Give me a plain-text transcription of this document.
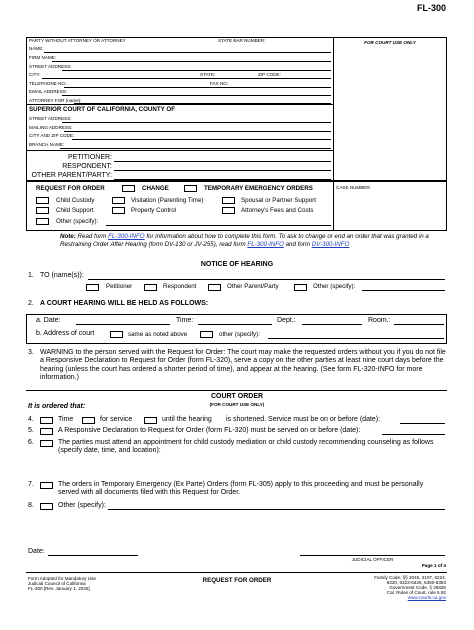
FL-300
PARTY WITHOUT ATTORNEY OR ATTORNEY	STATE BAR NUMBER:	FOR COURT USE ONLY
NAME:
FIRM NAME:
STREET ADDRESS:
CITY:	STATE:	ZIP CODE:
TELEPHONE NO.:	FAX NO.:
EMAIL ADDRESS:
ATTORNEY FOR (name):
SUPERIOR COURT OF CALIFORNIA, COUNTY OF
STREET ADDRESS:
MAILING ADDRESS:
CITY AND ZIP CODE:
BRANCH NAME:
PETITIONER:
RESPONDENT:
OTHER PARENT/PARTY:
REQUEST FOR ORDER	CHANGE	TEMPORARY EMERGENCY ORDERS	CASE NUMBER:
Child Custody	Visitation (Parenting Time)	Spousal or Partner Support
Child Support	Property Control	Attorney's Fees and Costs
Other (specify):
Note: Read form FL-300-INFO for information about how to complete this form. To ask to change or end an order that was granted in a Restraining Order After Hearing (form DV-130 or JV-255), read form FL-300-INFO and form DV-300-INFO
NOTICE OF HEARING
1. TO (name(s)):
Petitioner	Respondent	Other Parent/Party	Other (specify):
2. A COURT HEARING WILL BE HELD AS FOLLOWS:
a. Date:	Time:	Dept.:	Room.:
b. Address of court	same as noted above	other (specify):
3. WARNING to the person served with the Request for Order: The court may make the requested orders without you if you do not file a Responsive Declaration to Request for Order (form FL-320), serve a copy on the other parties at least nine court days before the hearing (unless the court has ordered a shorter period of time), and appear at the hearing. (See form FL-320-INFO for more information.)
COURT ORDER
(FOR COURT USE ONLY)
It is ordered that:
4.	Time	for service	until the hearing is shortened. Service must be on or before (date):
5.	A Responsive Declaration to Request for Order (form FL-320) must be served on or before (date):
6.	The parties must attend an appointment for child custody mediation or child custody recommending counseling as follows (specify date, time, and location):
7.	The orders in Temporary Emergency (Ex Parte) Orders (form FL-305) apply to this proceeding and must be personally served with all documents filed with this Request for Order.
8.	Other (specify):
Date:
JUDICIAL OFFICER
Page 1 of 4
Form Adopted for Mandatory Use
Judicial Council of California
FL-300 [Rev. January 1, 2025]
REQUEST FOR ORDER	Family Code, §§ 2045, 2107, 6224,
6320, 6323-6326, 6380-6383
Government Code, § 26826
Cal. Rules of Court, rule 5.92
www.courts.ca.gov
